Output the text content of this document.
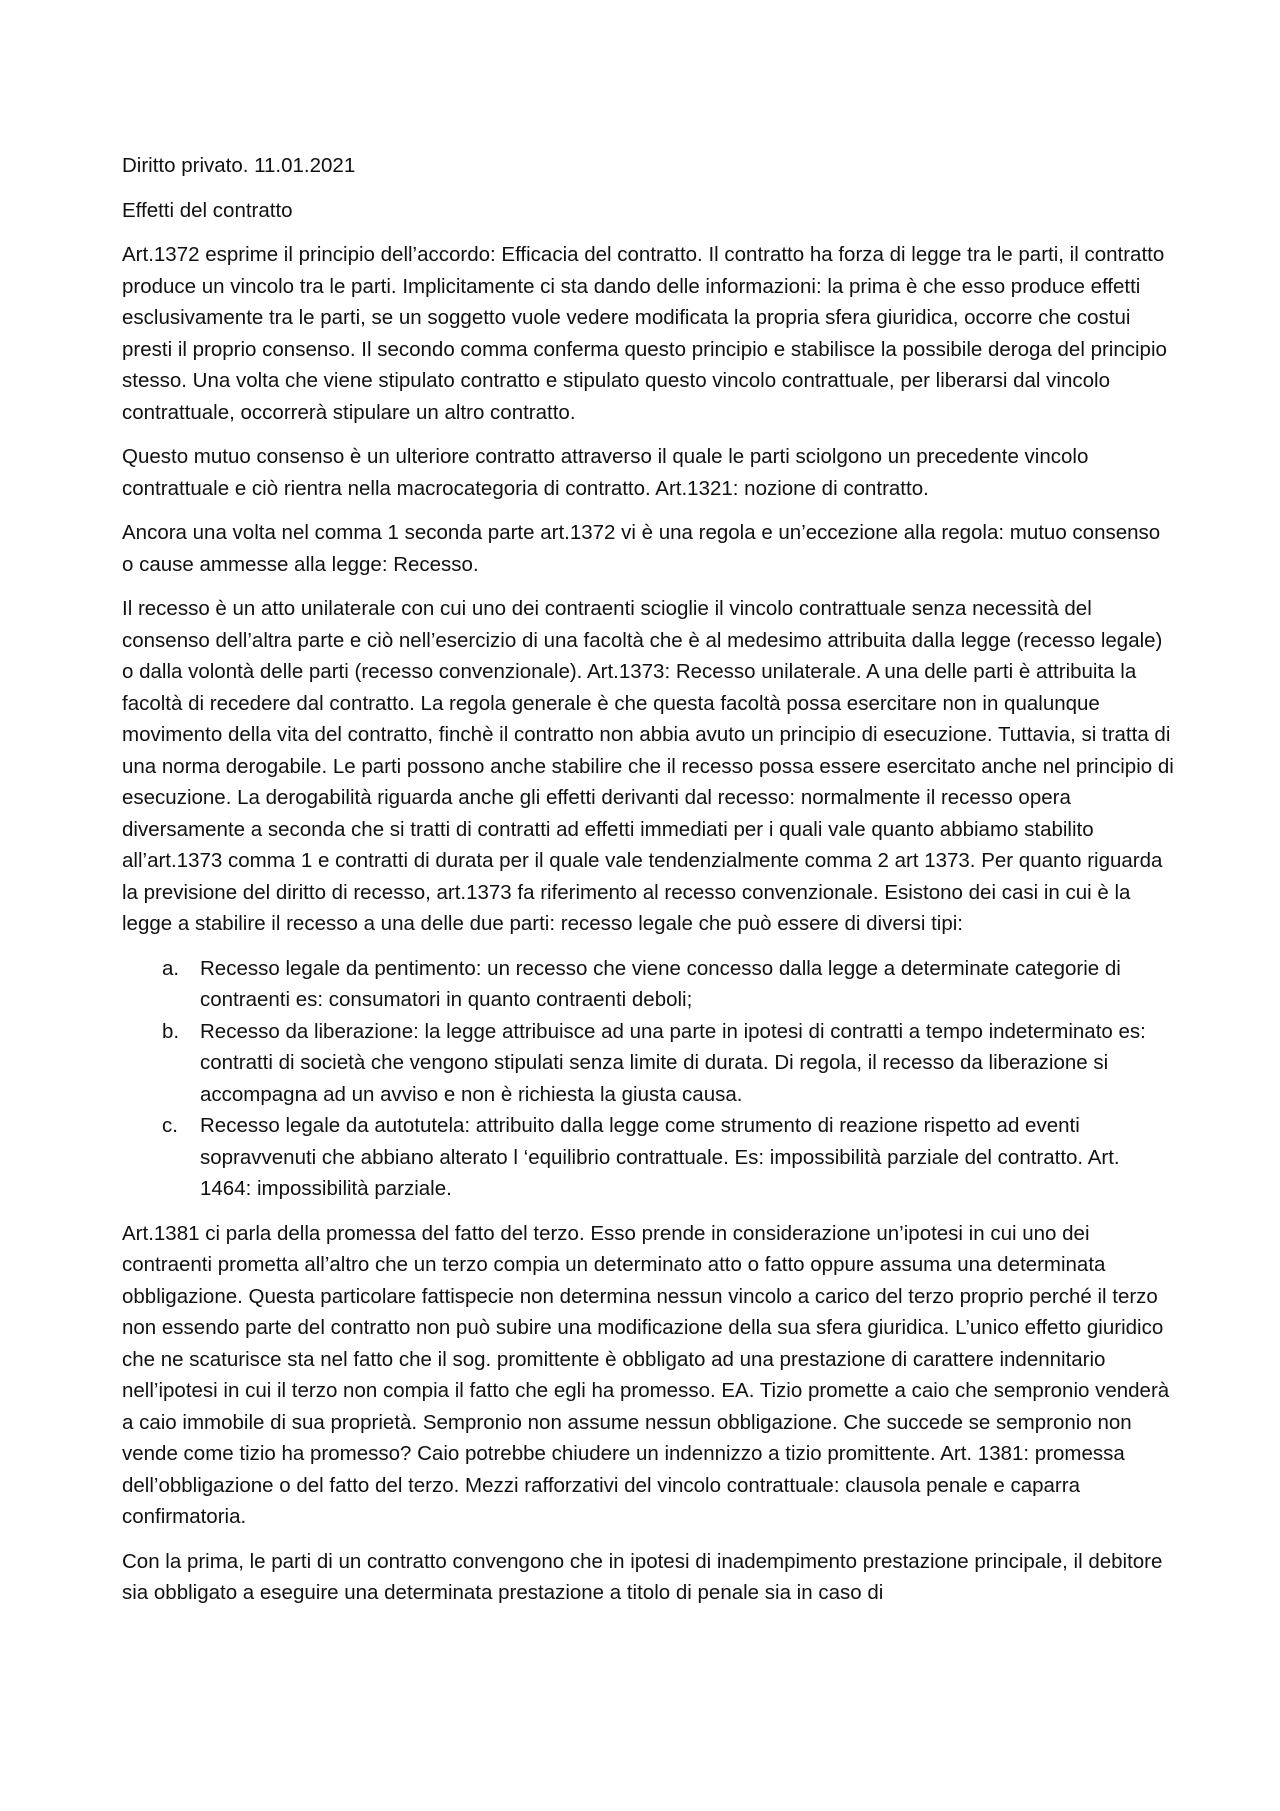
Diritto privato. 11.01.2021

Effetti del contratto

Art.1372 esprime il principio dell’accordo: Efficacia del contratto. Il contratto ha forza di legge tra le parti, il contratto produce un vincolo tra le parti. Implicitamente ci sta dando delle informazioni: la prima è che esso produce effetti esclusivamente tra le parti, se un soggetto vuole vedere modificata la propria sfera giuridica, occorre che costui presti il proprio consenso. Il secondo comma conferma questo principio e stabilisce la possibile deroga del principio stesso. Una volta che viene stipulato contratto e stipulato questo vincolo contrattuale, per liberarsi dal vincolo contrattuale, occorrerà stipulare un altro contratto.

Questo mutuo consenso è un ulteriore contratto attraverso il quale le parti sciolgono un precedente vincolo contrattuale e ciò rientra nella macrocategoria di contratto. Art.1321: nozione di contratto.

Ancora una volta nel comma 1 seconda parte art.1372 vi è una regola e un’eccezione alla regola: mutuo consenso o cause ammesse alla legge: Recesso.

Il recesso è un atto unilaterale con cui uno dei contraenti scioglie il vincolo contrattuale senza necessità del consenso dell’altra parte e ciò nell’esercizio di una facoltà che è al medesimo attribuita dalla legge (recesso legale) o dalla volontà delle parti (recesso convenzionale). Art.1373: Recesso unilaterale. A una delle parti è attribuita la facoltà di recedere dal contratto. La regola generale è che questa facoltà possa esercitare non in qualunque movimento della vita del contratto, finchè il contratto non abbia avuto un principio di esecuzione. Tuttavia, si tratta di una norma derogabile. Le parti possono anche stabilire che il recesso possa essere esercitato anche nel principio di esecuzione. La derogabilità riguarda anche gli effetti derivanti dal recesso: normalmente il recesso opera diversamente a seconda che si tratti di contratti ad effetti immediati per i quali vale quanto abbiamo stabilito all’art.1373 comma 1 e contratti di durata per il quale vale tendenzialmente comma 2 art 1373. Per quanto riguarda la previsione del diritto di recesso, art.1373 fa riferimento al recesso convenzionale. Esistono dei casi in cui è la legge a stabilire il recesso a una delle due parti: recesso legale che può essere di diversi tipi:

a. Recesso legale da pentimento: un recesso che viene concesso dalla legge a determinate categorie di contraenti es: consumatori in quanto contraenti deboli;
b. Recesso da liberazione: la legge attribuisce ad una parte in ipotesi di contratti a tempo indeterminato es: contratti di società che vengono stipulati senza limite di durata. Di regola, il recesso da liberazione si accompagna ad un avviso e non è richiesta la giusta causa.
c. Recesso legale da autotutela: attribuito dalla legge come strumento di reazione rispetto ad eventi sopravvenuti che abbiano alterato l ‘equilibrio contrattuale. Es: impossibilità parziale del contratto. Art. 1464: impossibilità parziale.

Art.1381 ci parla della promessa del fatto del terzo. Esso prende in considerazione un’ipotesi in cui uno dei contraenti prometta all’altro che un terzo compia un determinato atto o fatto oppure assuma una determinata obbligazione. Questa particolare fattispecie non determina nessun vincolo a carico del terzo proprio perché il terzo non essendo parte del contratto non può subire una modificazione della sua sfera giuridica. L’unico effetto giuridico che ne scaturisce sta nel fatto che il sog. promittente è obbligato ad una prestazione di carattere indennitario nell’ipotesi in cui il terzo non compia il fatto che egli ha promesso. EA. Tizio promette a caio che sempronio venderà a caio immobile di sua proprietà. Sempronio non assume nessun obbligazione. Che succede se sempronio non vende come tizio ha promesso? Caio potrebbe chiudere un indennizzo a tizio promittente. Art. 1381: promessa dell’obbligazione o del fatto del terzo. Mezzi rafforzativi del vincolo contrattuale: clausola penale e caparra confirmatoria.

Con la prima, le parti di un contratto convengono che in ipotesi di inadempimento prestazione principale, il debitore sia obbligato a eseguire una determinata prestazione a titolo di penale sia in caso di
